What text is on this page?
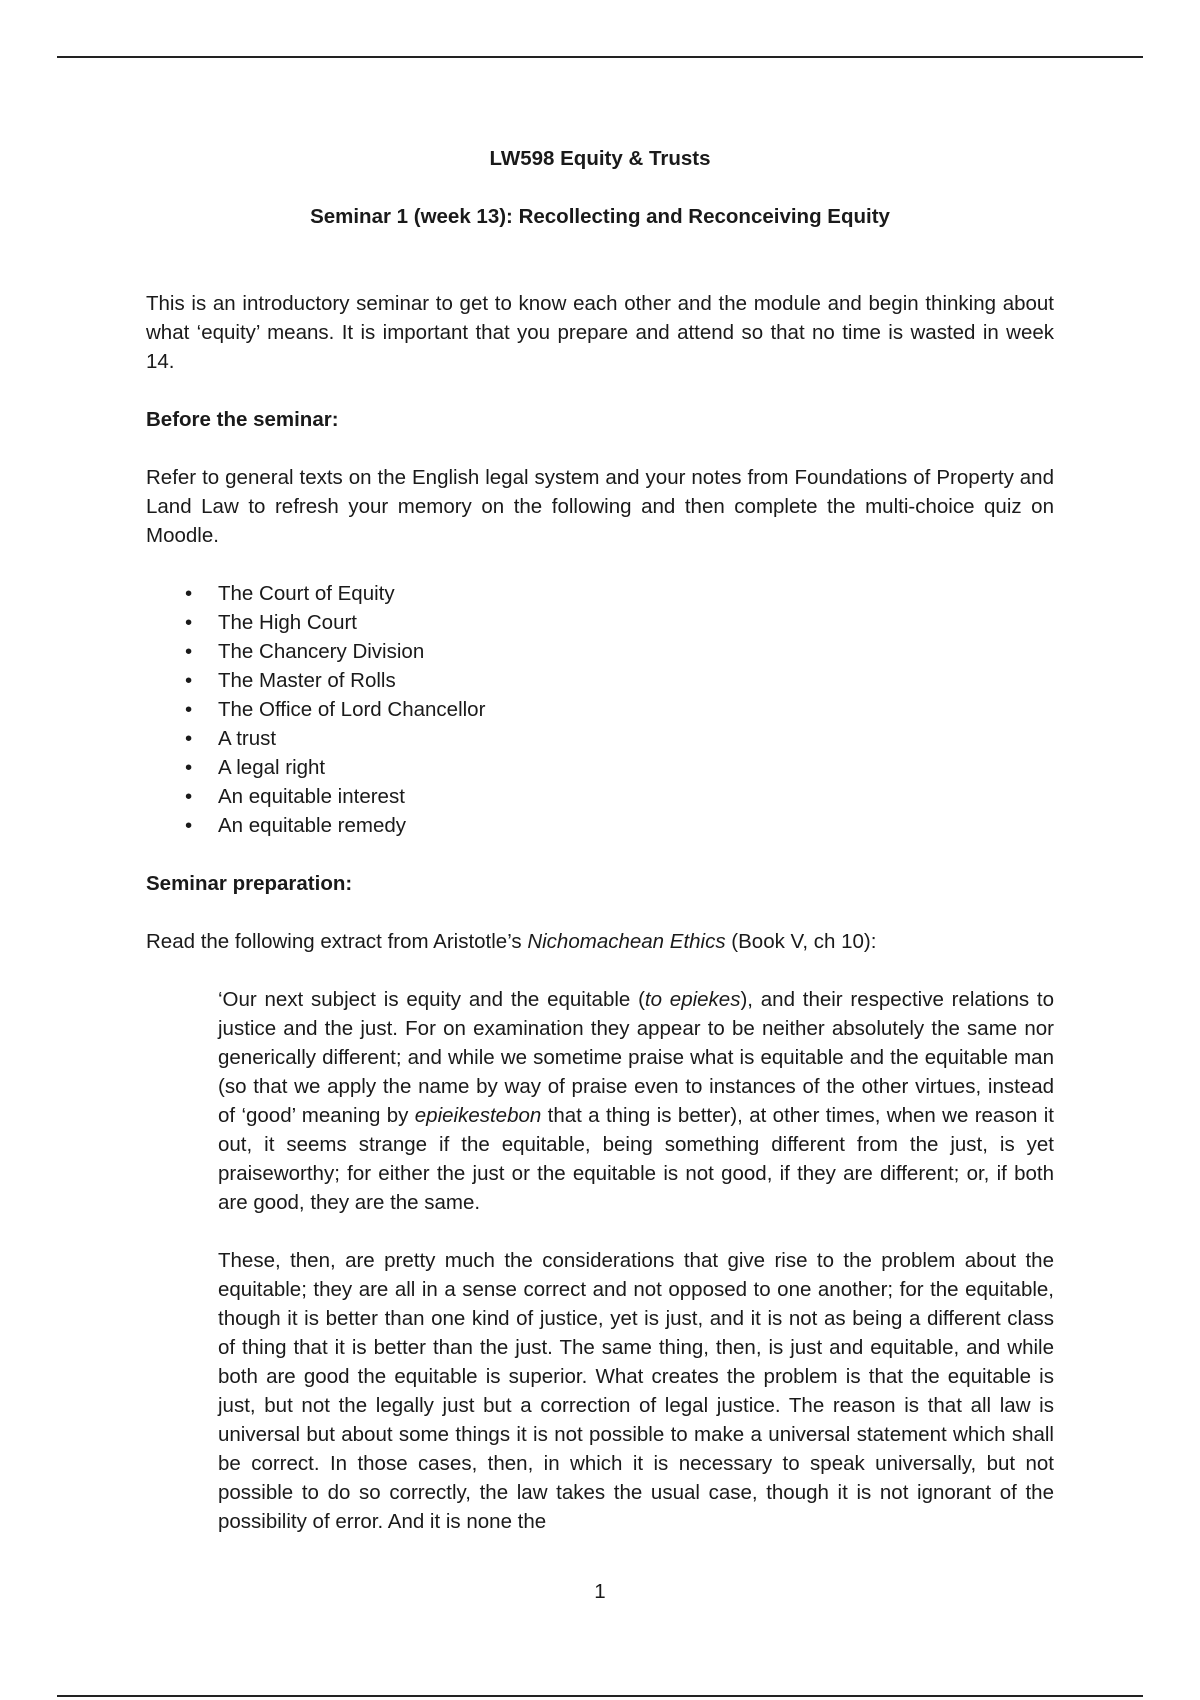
LW598 Equity & Trusts

Seminar 1 (week 13): Recollecting and Reconceiving Equity

This is an introductory seminar to get to know each other and the module and begin thinking about what ‘equity’ means. It is important that you prepare and attend so that no time is wasted in week 14.

Before the seminar:

Refer to general texts on the English legal system and your notes from Foundations of Property and Land Law to refresh your memory on the following and then complete the multi-choice quiz on Moodle.

• The Court of Equity
• The High Court
• The Chancery Division
• The Master of Rolls
• The Office of Lord Chancellor
• A trust
• A legal right
• An equitable interest
• An equitable remedy

Seminar preparation:

Read the following extract from Aristotle’s Nichomachean Ethics (Book V, ch 10):

‘Our next subject is equity and the equitable (to epiekes), and their respective relations to justice and the just. For on examination they appear to be neither absolutely the same nor generically different; and while we sometime praise what is equitable and the equitable man (so that we apply the name by way of praise even to instances of the other virtues, instead of ‘good’ meaning by epieikestebon that a thing is better), at other times, when we reason it out, it seems strange if the equitable, being something different from the just, is yet praiseworthy; for either the just or the equitable is not good, if they are different; or, if both are good, they are the same.

These, then, are pretty much the considerations that give rise to the problem about the equitable; they are all in a sense correct and not opposed to one another; for the equitable, though it is better than one kind of justice, yet is just, and it is not as being a different class of thing that it is better than the just. The same thing, then, is just and equitable, and while both are good the equitable is superior. What creates the problem is that the equitable is just, but not the legally just but a correction of legal justice. The reason is that all law is universal but about some things it is not possible to make a universal statement which shall be correct. In those cases, then, in which it is necessary to speak universally, but not possible to do so correctly, the law takes the usual case, though it is not ignorant of the possibility of error. And it is none the

1
